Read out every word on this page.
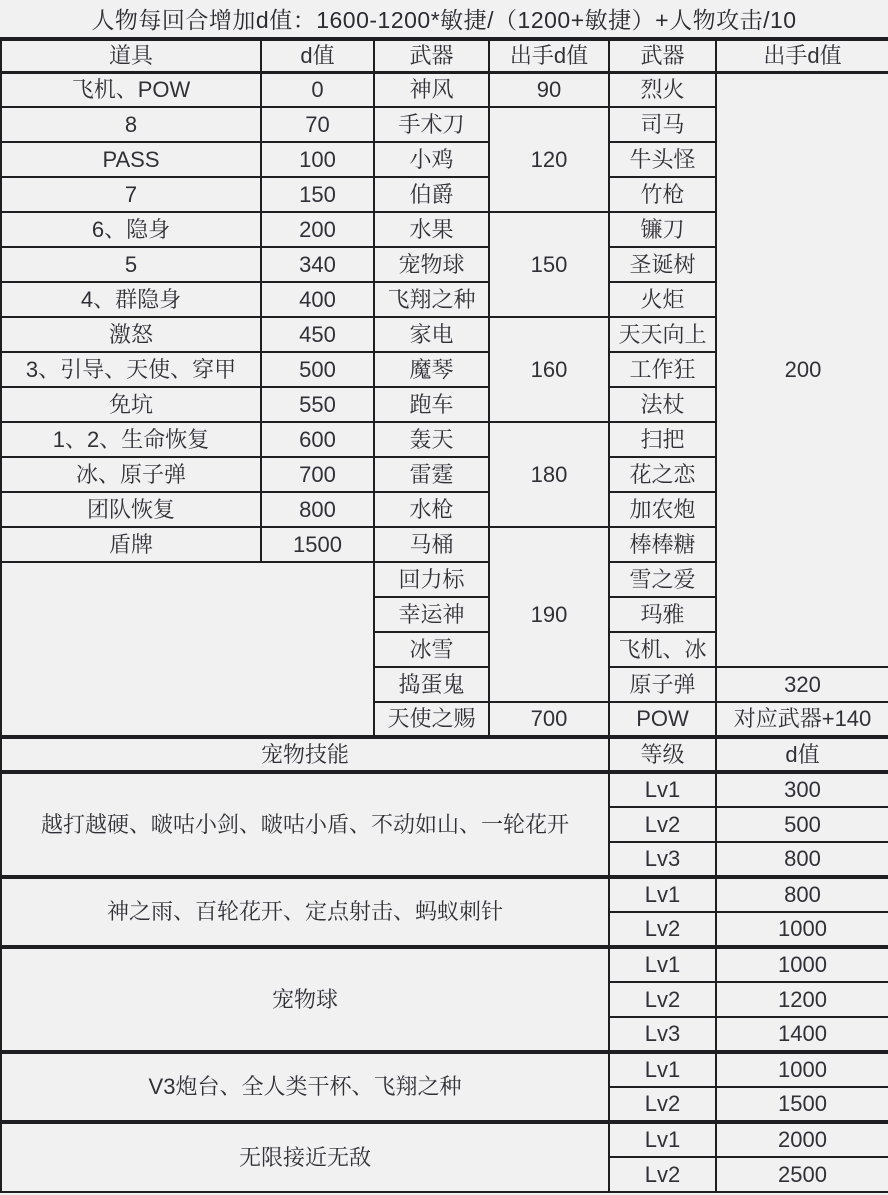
人物每回合增加d值：1600-1200*敏捷/（1200+敏捷）+人物攻击/10
道具	d值	武器	出手d值	武器	出手d值
飞机、POW	0	神风	90	烈火	200
8	70	手术刀	120	司马	
PASS	100	小鸡		牛头怪	
7	150	伯爵		竹枪	
6、隐身	200	水果	150	镰刀	
5	340	宠物球		圣诞树	
4、群隐身	400	飞翔之种		火炬	
激怒	450	家电	160	天天向上	
3、引导、天使、穿甲	500	魔琴		工作狂	
免坑	550	跑车		法杖	
1、2、生命恢复	600	轰天	180	扫把	
冰、原子弹	700	雷霆		花之恋	
团队恢复	800	水枪		加农炮	
盾牌	1500	马桶	190	棒棒糖	
		回力标		雪之爱	
		幸运神		玛雅	
		冰雪		飞机、冰	
		捣蛋鬼		原子弹	320
		天使之赐	700	POW	对应武器+140
宠物技能				等级	d值
越打越硬、啵咕小剑、啵咕小盾、不动如山、一轮花开				Lv1	300
				Lv2	500
				Lv3	800
神之雨、百轮花开、定点射击、蚂蚁刺针				Lv1	800
				Lv2	1000
宠物球				Lv1	1000
				Lv2	1200
				Lv3	1400
V3炮台、全人类干杯、飞翔之种				Lv1	1000
				Lv2	1500
无限接近无敌				Lv1	2000
				Lv2	2500
